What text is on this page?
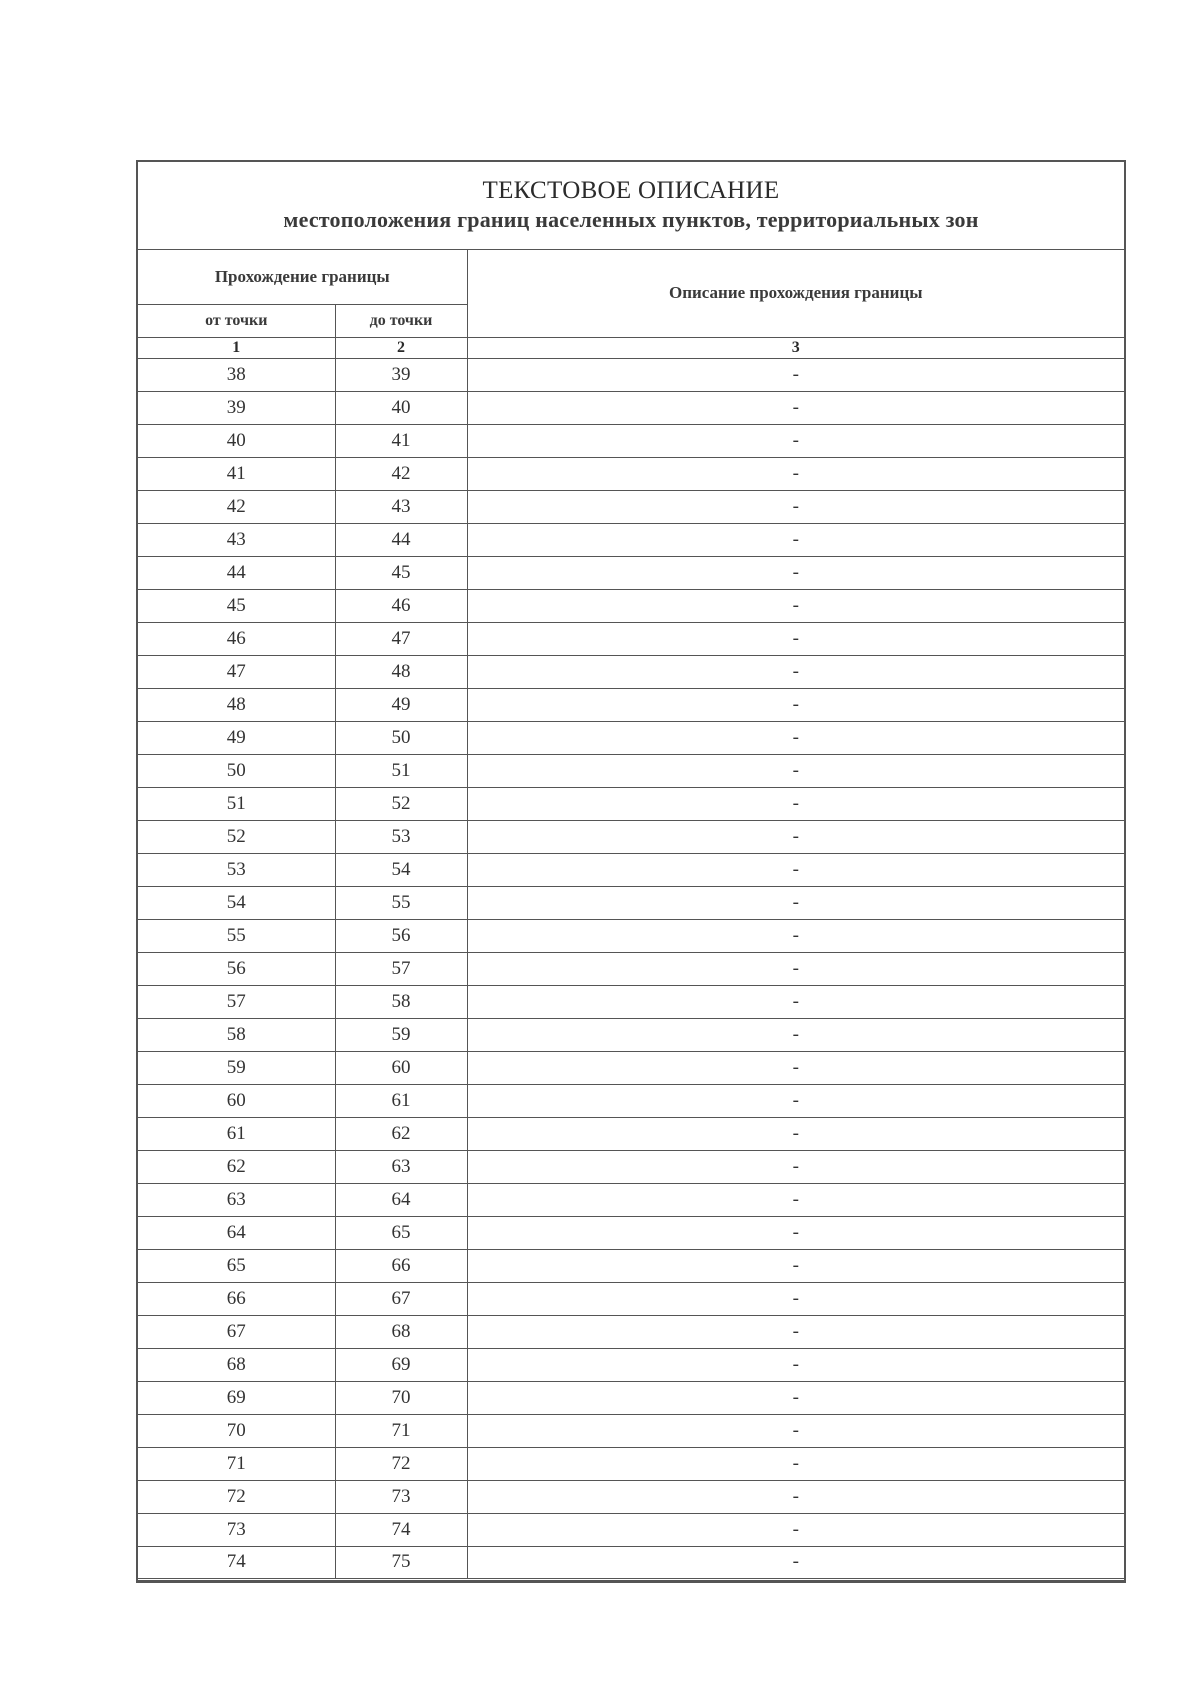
ТЕКСТОВОЕ ОПИСАНИЕ
местоположения границ населенных пунктов, территориальных зон
Прохождение границы		Описание прохождения границы
от точки	до точки	
1	2	3
38	39	-
39	40	-
40	41	-
41	42	-
42	43	-
43	44	-
44	45	-
45	46	-
46	47	-
47	48	-
48	49	-
49	50	-
50	51	-
51	52	-
52	53	-
53	54	-
54	55	-
55	56	-
56	57	-
57	58	-
58	59	-
59	60	-
60	61	-
61	62	-
62	63	-
63	64	-
64	65	-
65	66	-
66	67	-
67	68	-
68	69	-
69	70	-
70	71	-
71	72	-
72	73	-
73	74	-
74	75	-
